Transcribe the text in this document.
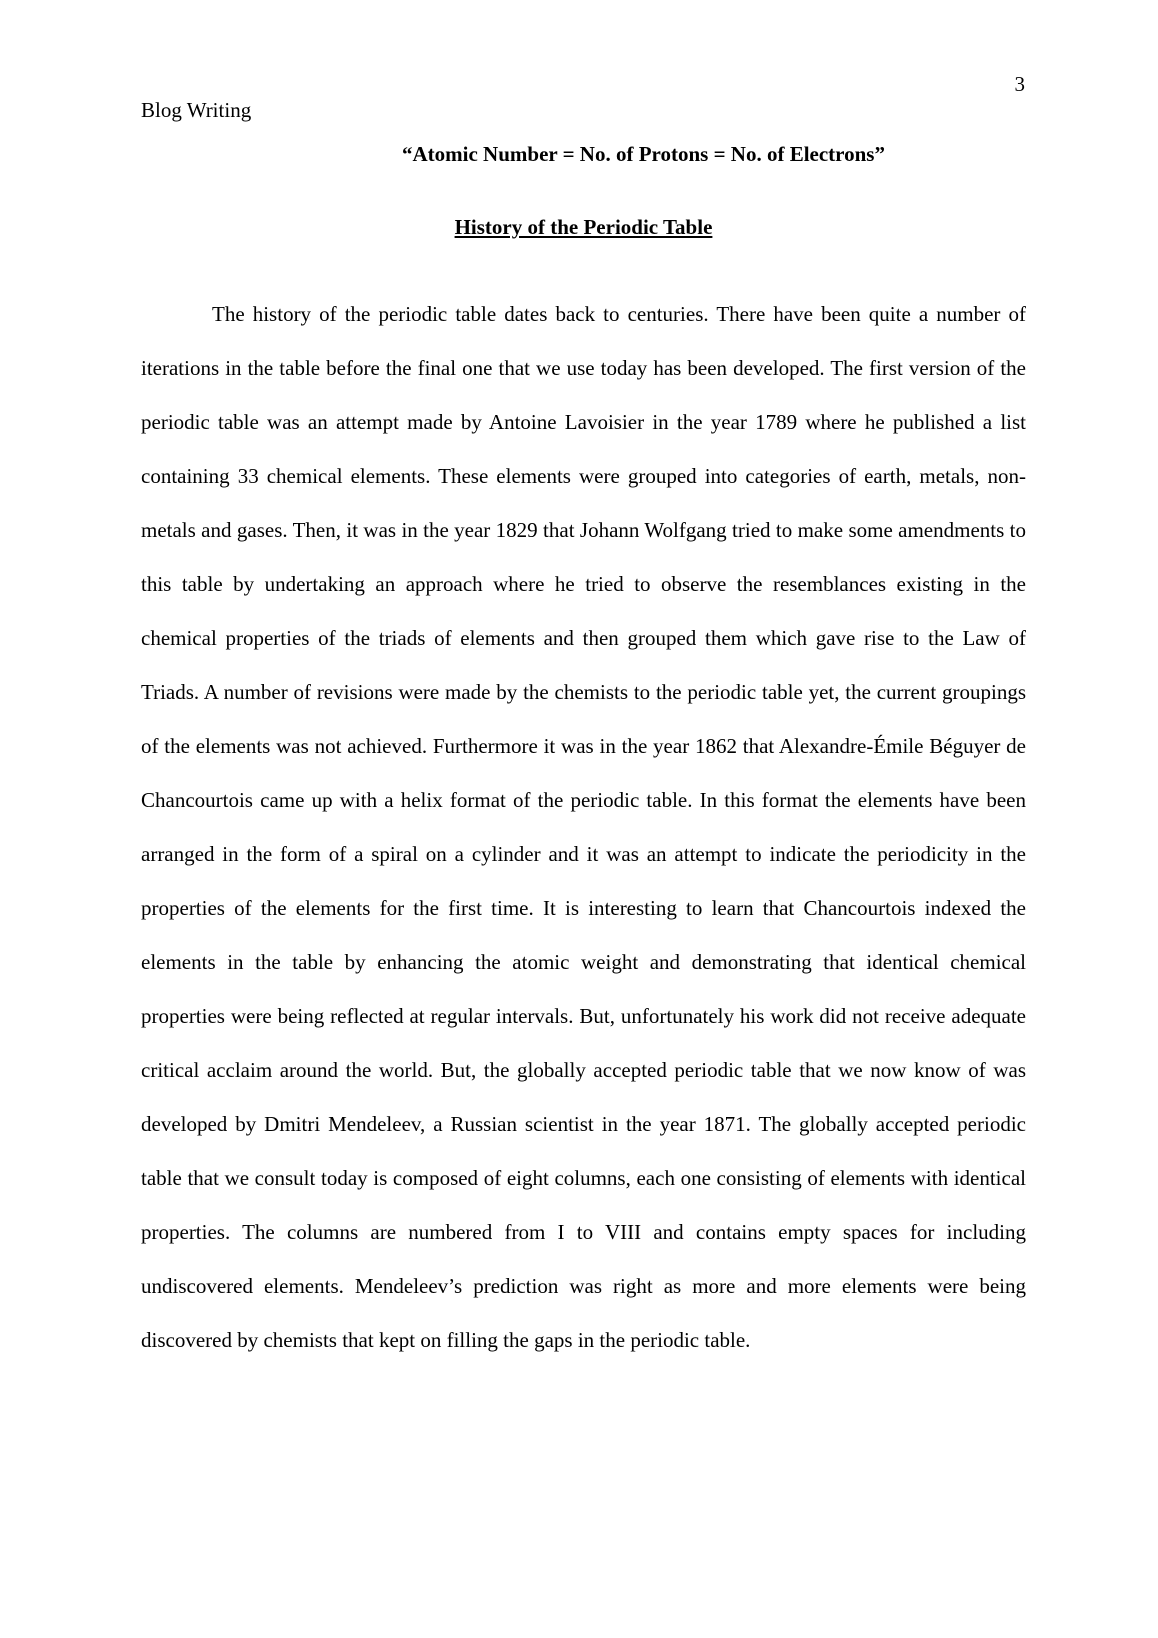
3
Blog Writing
“Atomic Number = No. of Protons = No. of Electrons”
History of the Periodic Table

The history of the periodic table dates back to centuries. There have been quite a number of iterations in the table before the final one that we use today has been developed. The first version of the periodic table was an attempt made by Antoine Lavoisier in the year 1789 where he published a list containing 33 chemical elements. These elements were grouped into categories of earth, metals, non-metals and gases. Then, it was in the year 1829 that Johann Wolfgang tried to make some amendments to this table by undertaking an approach where he tried to observe the resemblances existing in the chemical properties of the triads of elements and then grouped them which gave rise to the Law of Triads. A number of revisions were made by the chemists to the periodic table yet, the current groupings of the elements was not achieved. Furthermore it was in the year 1862 that Alexandre-Émile Béguyer de Chancourtois came up with a helix format of the periodic table. In this format the elements have been arranged in the form of a spiral on a cylinder and it was an attempt to indicate the periodicity in the properties of the elements for the first time. It is interesting to learn that Chancourtois indexed the elements in the table by enhancing the atomic weight and demonstrating that identical chemical properties were being reflected at regular intervals. But, unfortunately his work did not receive adequate critical acclaim around the world. But, the globally accepted periodic table that we now know of was developed by Dmitri Mendeleev, a Russian scientist in the year 1871. The globally accepted periodic table that we consult today is composed of eight columns, each one consisting of elements with identical properties. The columns are numbered from I to VIII and contains empty spaces for including undiscovered elements. Mendeleev’s prediction was right as more and more elements were being discovered by chemists that kept on filling the gaps in the periodic table.
